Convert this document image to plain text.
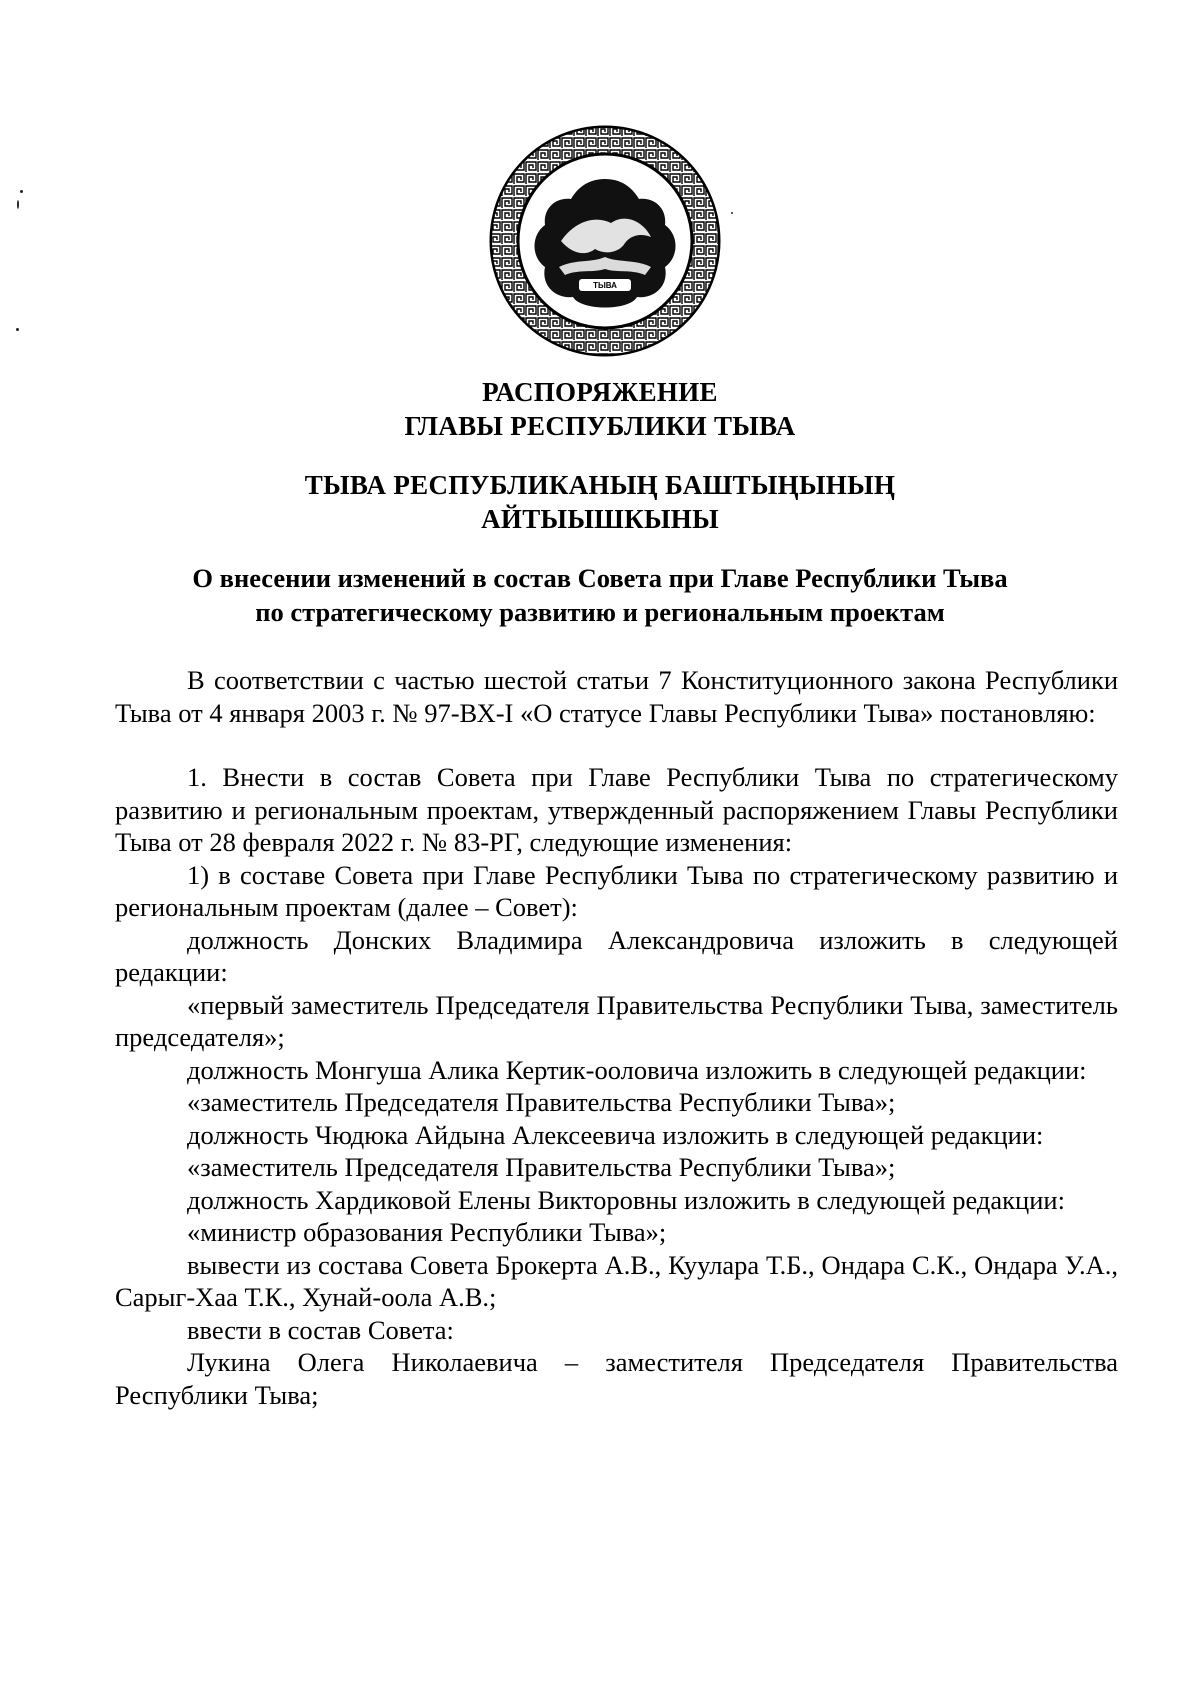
ТЫВА
РАСПОРЯЖЕНИЕ
ГЛАВЫ РЕСПУБЛИКИ ТЫВА
ТЫВА РЕСПУБЛИКАНЫҢ БАШТЫҢЫНЫҢ
АЙТЫЫШКЫНЫ
О внесении изменений в состав Совета при Главе Республики Тыва
по стратегическому развитию и региональным проектам

В соответствии с частью шестой статьи 7 Конституционного закона Республики Тыва от 4 января 2003 г. № 97-ВХ-I «О статусе Главы Республики Тыва» постановляю:

1. Внести в состав Совета при Главе Республики Тыва по стратегическому развитию и региональным проектам, утвержденный распоряжением Главы Республики Тыва от 28 февраля 2022 г. № 83-РГ, следующие изменения:

1) в составе Совета при Главе Республики Тыва по стратегическому развитию и региональным проектам (далее – Совет):

должность Донских Владимира Александровича изложить в следующей редакции:

«первый заместитель Председателя Правительства Республики Тыва, заместитель председателя»;

должность Монгуша Алика Кертик-ооловича изложить в следующей редакции:

«заместитель Председателя Правительства Республики Тыва»;

должность Чюдюка Айдына Алексеевича изложить в следующей редакции:

«заместитель Председателя Правительства Республики Тыва»;

должность Хардиковой Елены Викторовны изложить в следующей редакции:

«министр образования Республики Тыва»;

вывести из состава Совета Брокерта А.В., Куулара Т.Б., Ондара С.К., Ондара У.А., Сарыг-Хаа Т.К., Хунай-оола А.В.;

ввести в состав Совета:

Лукина Олега Николаевича – заместителя Председателя Правительства Республики Тыва;
